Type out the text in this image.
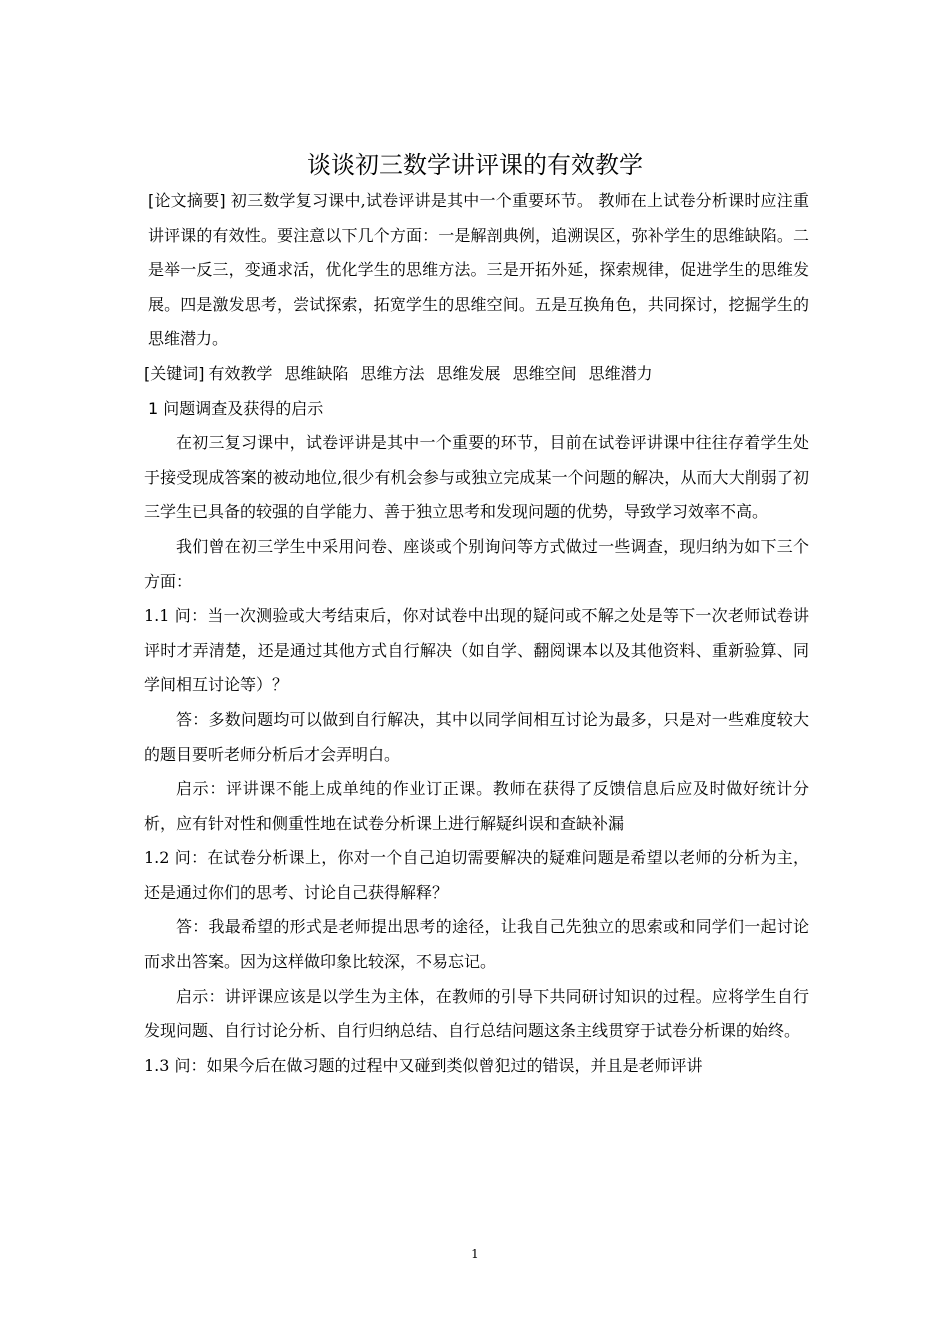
谈谈初三数学讲评课的有效教学

[论文摘要] 初三数学复习课中,试卷评讲是其中一个重要环节。 教师在上试卷分析课时应注重讲评课的有效性。要注意以下几个方面：一是解剖典例，追溯误区，弥补学生的思维缺陷。二是举一反三，变通求活，优化学生的思维方法。三是开拓外延，探索规律，促进学生的思维发展。四是激发思考，尝试探索，拓宽学生的思维空间。五是互换角色，共同探讨，挖掘学生的思维潜力。

[关键词] 有效教学 思维缺陷 思维方法 思维发展 思维空间 思维潜力

1 问题调查及获得的启示

在初三复习课中，试卷评讲是其中一个重要的环节，目前在试卷评讲课中往往存着学生处于接受现成答案的被动地位,很少有机会参与或独立完成某一个问题的解决，从而大大削弱了初三学生已具备的较强的自学能力、善于独立思考和发现问题的优势，导致学习效率不高。

我们曾在初三学生中采用问卷、座谈或个别询问等方式做过一些调查，现归纳为如下三个方面：

1.1 问：当一次测验或大考结束后，你对试卷中出现的疑问或不解之处是等下一次老师试卷讲评时才弄清楚，还是通过其他方式自行解决（如自学、翻阅课本以及其他资料、重新验算、同学间相互讨论等）？

答：多数问题均可以做到自行解决，其中以同学间相互讨论为最多，只是对一些难度较大的题目要听老师分析后才会弄明白。

启示：评讲课不能上成单纯的作业订正课。教师在获得了反馈信息后应及时做好统计分析，应有针对性和侧重性地在试卷分析课上进行解疑纠误和查缺补漏

1.2 问：在试卷分析课上，你对一个自己迫切需要解决的疑难问题是希望以老师的分析为主，还是通过你们的思考、讨论自己获得解释？

答：我最希望的形式是老师提出思考的途径，让我自己先独立的思索或和同学们一起讨论而求出答案。因为这样做印象比较深，不易忘记。

启示：讲评课应该是以学生为主体，在教师的引导下共同研讨知识的过程。应将学生自行发现问题、自行讨论分析、自行归纳总结、自行总结问题这条主线贯穿于试卷分析课的始终。

1.3 问：如果今后在做习题的过程中又碰到类似曾犯过的错误，并且是老师评讲

1
